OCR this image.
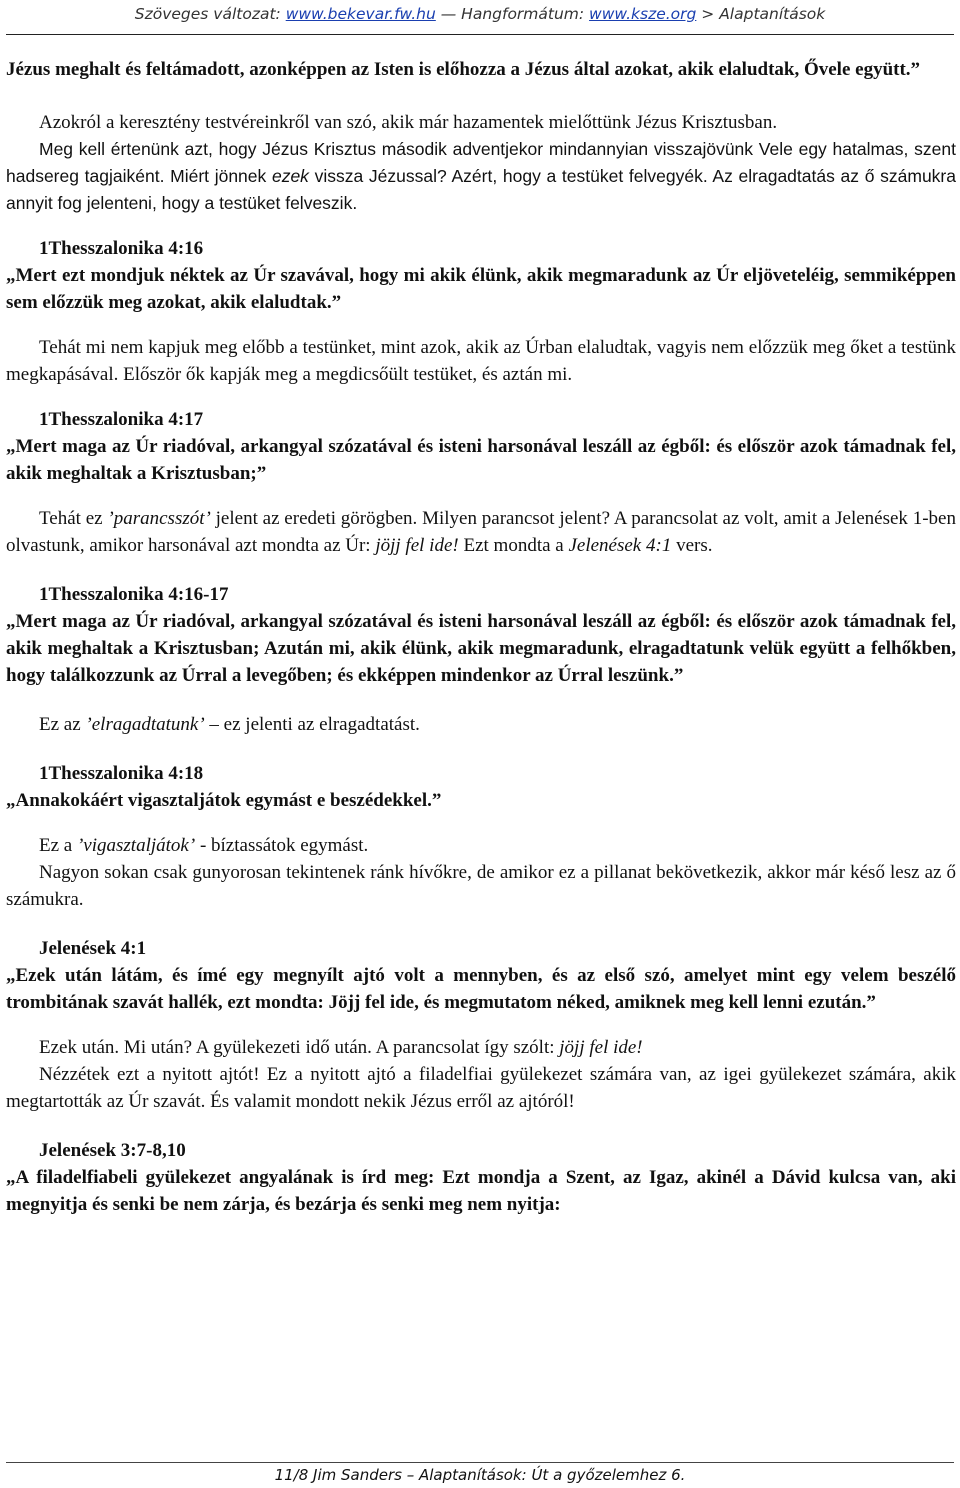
Szöveges változat: www.bekevar.fw.hu — Hangformátum: www.ksze.org > Alaptanítások

Jézus meghalt és feltámadott, azonképpen az Isten is előhozza a Jézus által azokat, akik elaludtak, Ővele együtt.”

Azokról a keresztény testvéreinkről van szó, akik már hazamentek mielőttünk Jézus Krisztusban.

Meg kell értenünk azt, hogy Jézus Krisztus második adventjekor mindannyian visszajövünk Vele egy hatalmas, szent hadsereg tagjaiként. Miért jönnek ezek vissza Jézussal? Azért, hogy a testüket felvegyék. Az elragadtatás az ő számukra annyit fog jelenteni, hogy a testüket felveszik.

1Thesszalonika 4:16

„Mert ezt mondjuk néktek az Úr szavával, hogy mi akik élünk, akik megmaradunk az Úr eljöveteléig, semmiképpen sem előzzük meg azokat, akik elaludtak.”

Tehát mi nem kapjuk meg előbb a testünket, mint azok, akik az Úrban elaludtak, vagyis nem előzzük meg őket a testünk megkapásával. Először ők kapják meg a megdicsőült testüket, és aztán mi.

1Thesszalonika 4:17

„Mert maga az Úr riadóval, arkangyal szózatával és isteni harsonával leszáll az égből: és először azok támadnak fel, akik meghaltak a Krisztusban;”

Tehát ez ’parancsszót’ jelent az eredeti görögben. Milyen parancsot jelent? A parancsolat az volt, amit a Jelenések 1-ben olvastunk, amikor harsonával azt mondta az Úr: jöjj fel ide! Ezt mondta a Jelenések 4:1 vers.

1Thesszalonika 4:16-17

„Mert maga az Úr riadóval, arkangyal szózatával és isteni harsonával leszáll az égből: és először azok támadnak fel, akik meghaltak a Krisztusban; Azután mi, akik élünk, akik megmaradunk, elragadtatunk velük együtt a felhőkben, hogy találkozzunk az Úrral a levegőben; és ekképpen mindenkor az Úrral leszünk.”

Ez az ’elragadtatunk’ – ez jelenti az elragadtatást.

1Thesszalonika 4:18

„Annakokáért vigasztaljátok egymást e beszédekkel.”

Ez a ’vigasztaljátok’ - bíztassátok egymást.

Nagyon sokan csak gunyorosan tekintenek ránk hívőkre, de amikor ez a pillanat bekövetkezik, akkor már késő lesz az ő számukra.

Jelenések 4:1

„Ezek után látám, és ímé egy megnyílt ajtó volt a mennyben, és az első szó, amelyet mint egy velem beszélő trombitának szavát hallék, ezt mondta: Jöjj fel ide, és megmutatom néked, amiknek meg kell lenni ezután.”

Ezek után. Mi után? A gyülekezeti idő után. A parancsolat így szólt: jöjj fel ide!

Nézzétek ezt a nyitott ajtót! Ez a nyitott ajtó a filadelfiai gyülekezet számára van, az igei gyülekezet számára, akik megtartották az Úr szavát. És valamit mondott nekik Jézus erről az ajtóról!

Jelenések 3:7-8,10

„A filadelfiabeli gyülekezet angyalának is írd meg: Ezt mondja a Szent, az Igaz, akinél a Dávid kulcsa van, aki megnyitja és senki be nem zárja, és bezárja és senki meg nem nyitja:

11/8 Jim Sanders – Alaptanítások: Út a győzelemhez 6.
